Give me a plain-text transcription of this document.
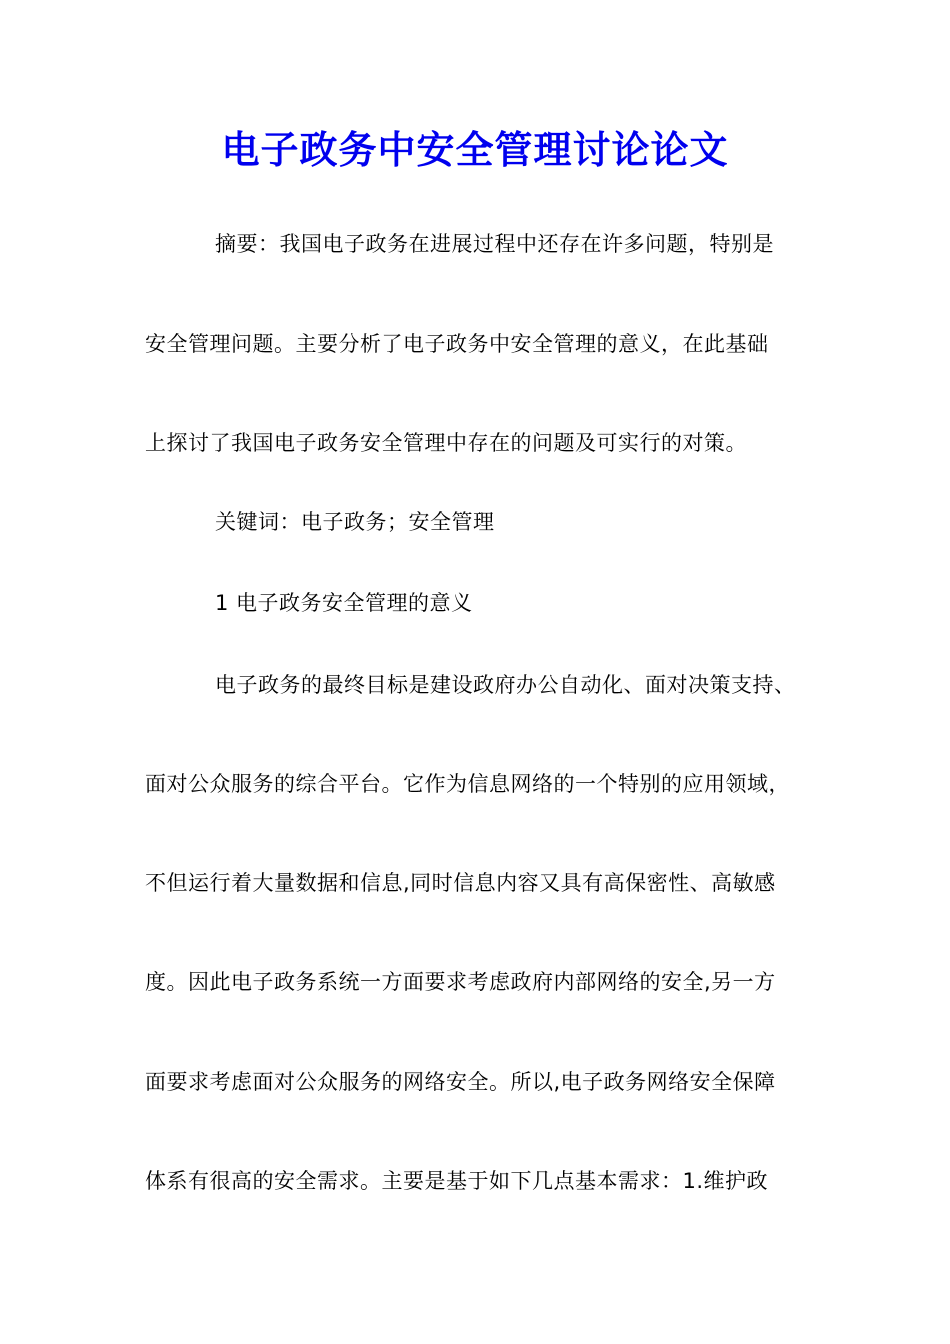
电子政务中安全管理讨论论文
摘要：我国电子政务在进展过程中还存在许多问题，特别是
安全管理问题。主要分析了电子政务中安全管理的意义，在此基础
上探讨了我国电子政务安全管理中存在的问题及可实行的对策。
关键词：电子政务；安全管理
1 电子政务安全管理的意义
电子政务的最终目标是建设政府办公自动化、面对决策支持、
面对公众服务的综合平台。它作为信息网络的一个特别的应用领域，
不但运行着大量数据和信息,同时信息内容又具有高保密性、高敏感
度。因此电子政务系统一方面要求考虑政府内部网络的安全,另一方
面要求考虑面对公众服务的网络安全。所以,电子政务网络安全保障
体系有很高的安全需求。主要是基于如下几点基本需求：1.维护政
